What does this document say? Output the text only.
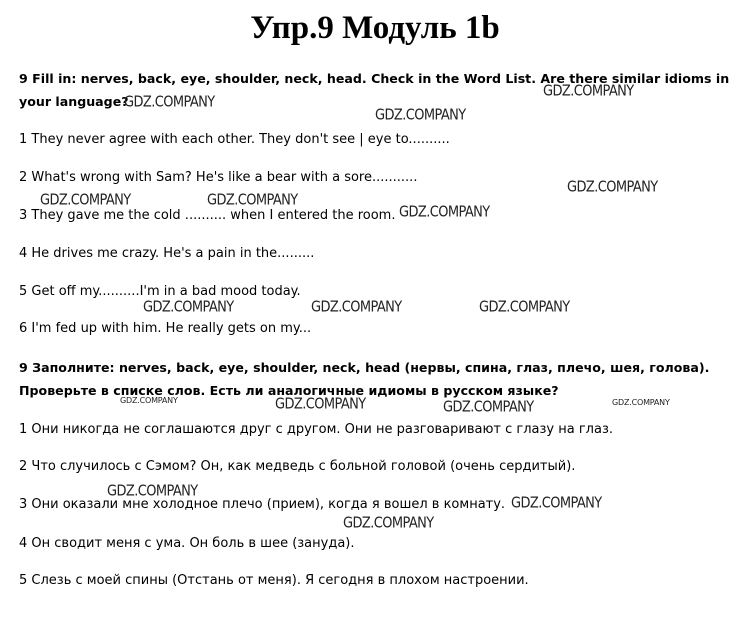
Упр.9 Модуль 1b
9 Fill in: nerves, back, eye, shoulder, neck, head. Check in the Word List. Are there similar idioms in
your language?
1 They never agree with each other. They don't see | eye to..........
2 What's wrong with Sam? He's like a bear with a sore...........
3 They gave me the cold .......... when I entered the room.
4 He drives me crazy. He's a pain in the.........
5 Get off my..........I'm in a bad mood today.
6 I'm fed up with him. He really gets on my...
9 Заполните: nerves, back, eye, shoulder, neck, head (нервы, спина, глаз, плечо, шея, голова).
Проверьте в списке слов. Есть ли аналогичные идиомы в русском языке?
1 Они никогда не соглашаются друг с другом. Они не разговаривают с глазу на глаз.
2 Что случилось с Сэмом? Он, как медведь с больной головой (очень сердитый).
3 Они оказали мне холодное плечо (прием), когда я вошел в комнату.
4 Он сводит меня с ума. Он боль в шее (зануда).
5 Слезь с моей спины (Отстань от меня). Я сегодня в плохом настроении.
GDZ.COMPANY
GDZ.COMPANY
GDZ.COMPANY
GDZ.COMPANY
GDZ.COMPANY	GDZ.COMPANY
GDZ.COMPANY
GDZ.COMPANY	GDZ.COMPANY	GDZ.COMPANY
GDZ.COMPANY	GDZ.COMPANY	GDZ.COMPANY	GDZ.COMPANY
GDZ.COMPANY
GDZ.COMPANY
GDZ.COMPANY
